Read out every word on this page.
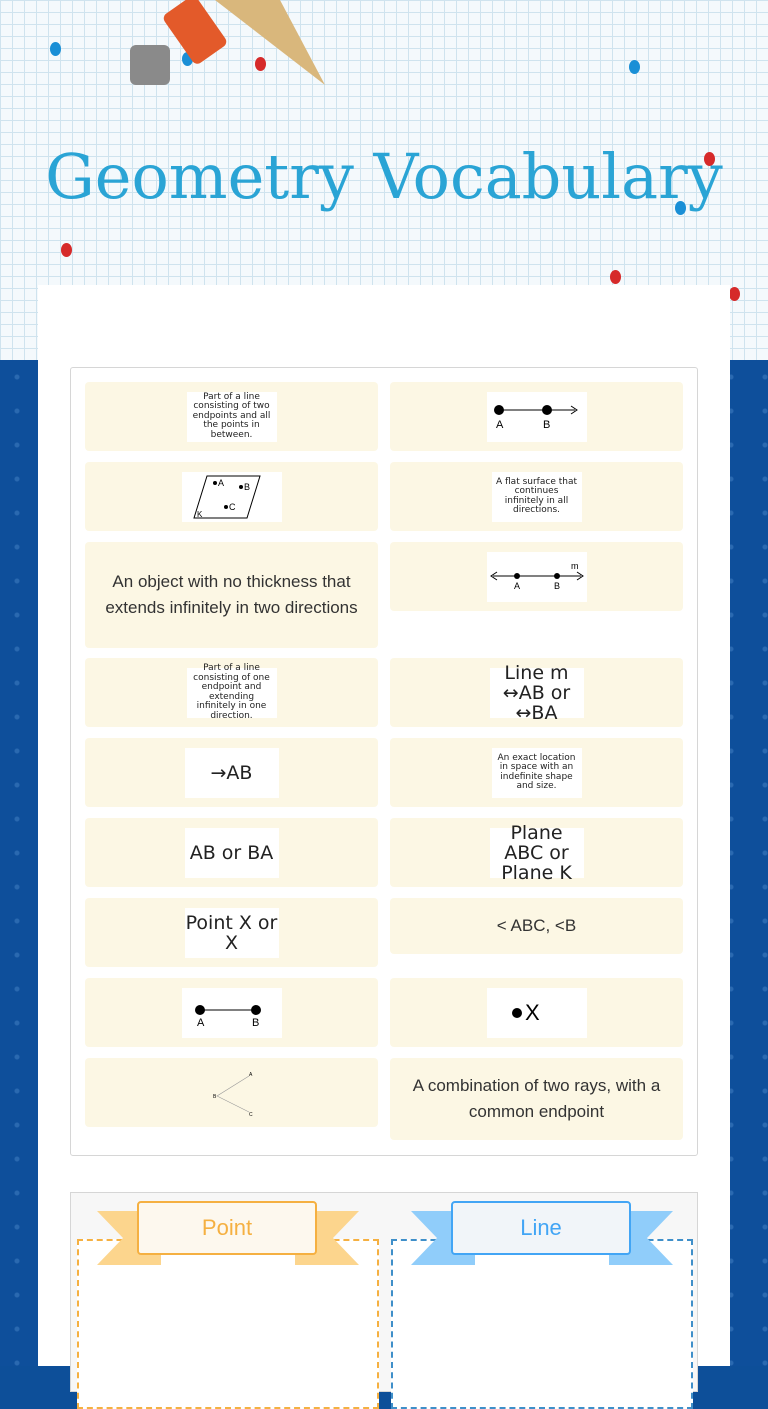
Geometry Vocabulary
Part of a line consisting of two endpoints and all the points in between.
A	B
A B
C
K
A flat surface that continues infinitely in all directions.
An object with no thickness that extends infinitely in two directions
A	B
m
Part of a line consisting of one endpoint and extending infinitely in one direction.
Line m ↔AB or ↔BA
→AB
An exact location in space with an indefinite shape and size.
AB or BA
Plane ABC or Plane K
Point X or X
< ABC, <B
A	B	X
A
B
C
A combination of two rays, with a common endpoint
Point	Line
